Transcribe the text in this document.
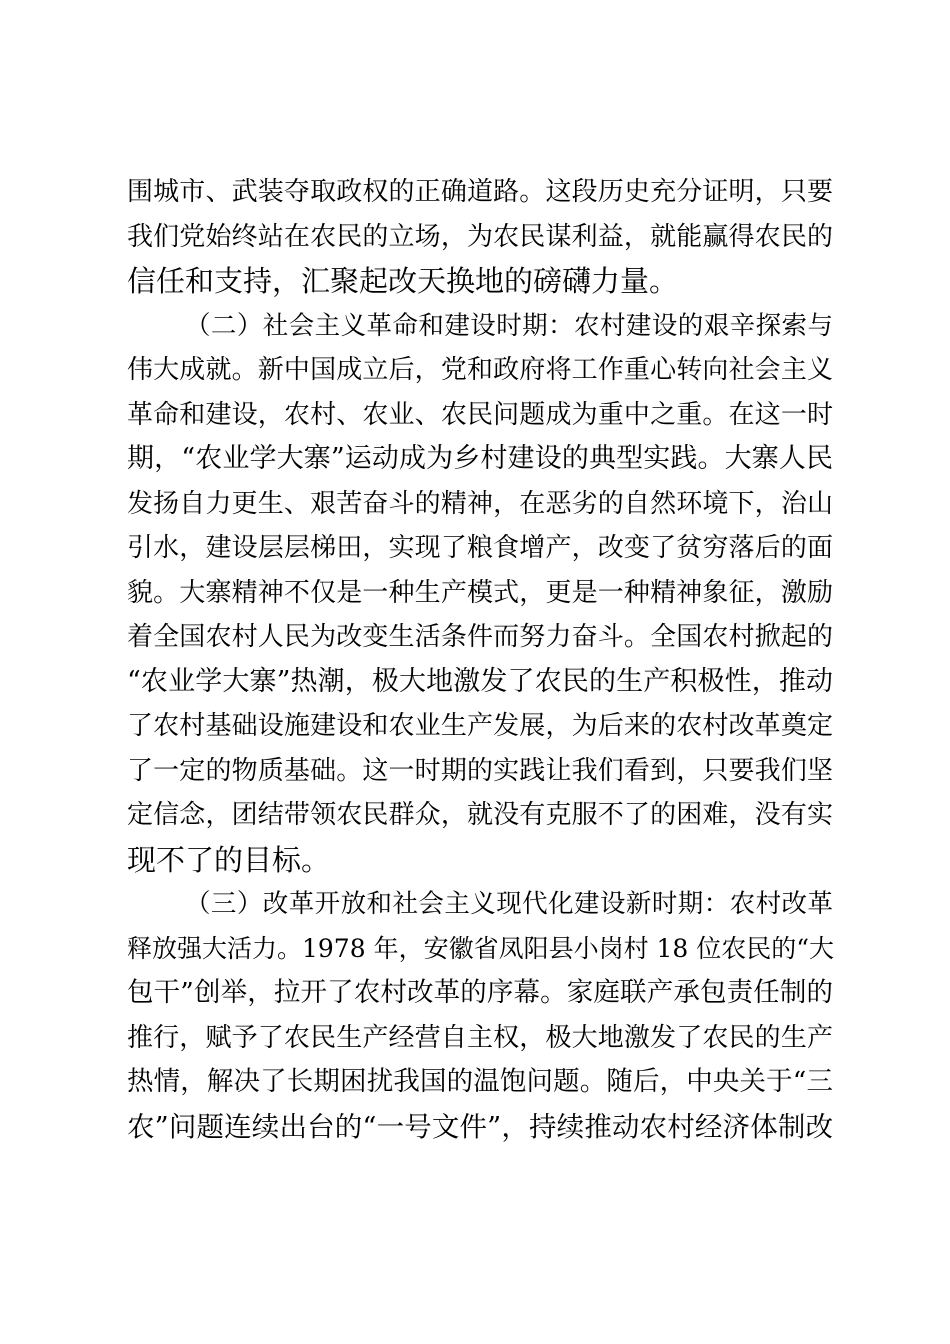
围城市、武装夺取政权的正确道路。这段历史充分证明，只要
我们党始终站在农民的立场，为农民谋利益，就能赢得农民的
信任和支持，汇聚起改天换地的磅礴力量。
（二）社会主义革命和建设时期：农村建设的艰辛探索与
伟大成就。新中国成立后，党和政府将工作重心转向社会主义
革命和建设，农村、农业、农民问题成为重中之重。在这一时
期，“农业学大寨”运动成为乡村建设的典型实践。大寨人民
发扬自力更生、艰苦奋斗的精神，在恶劣的自然环境下，治山
引水，建设层层梯田，实现了粮食增产，改变了贫穷落后的面
貌。大寨精神不仅是一种生产模式，更是一种精神象征，激励
着全国农村人民为改变生活条件而努力奋斗。全国农村掀起的
“农业学大寨”热潮，极大地激发了农民的生产积极性，推动
了农村基础设施建设和农业生产发展，为后来的农村改革奠定
了一定的物质基础。这一时期的实践让我们看到，只要我们坚
定信念，团结带领农民群众，就没有克服不了的困难，没有实
现不了的目标。
（三）改革开放和社会主义现代化建设新时期：农村改革
释放强大活力。1978 年，安徽省凤阳县小岗村 18 位农民的“大
包干”创举，拉开了农村改革的序幕。家庭联产承包责任制的
推行，赋予了农民生产经营自主权，极大地激发了农民的生产
热情，解决了长期困扰我国的温饱问题。随后，中央关于“三
农”问题连续出台的“一号文件”，持续推动农村经济体制改
